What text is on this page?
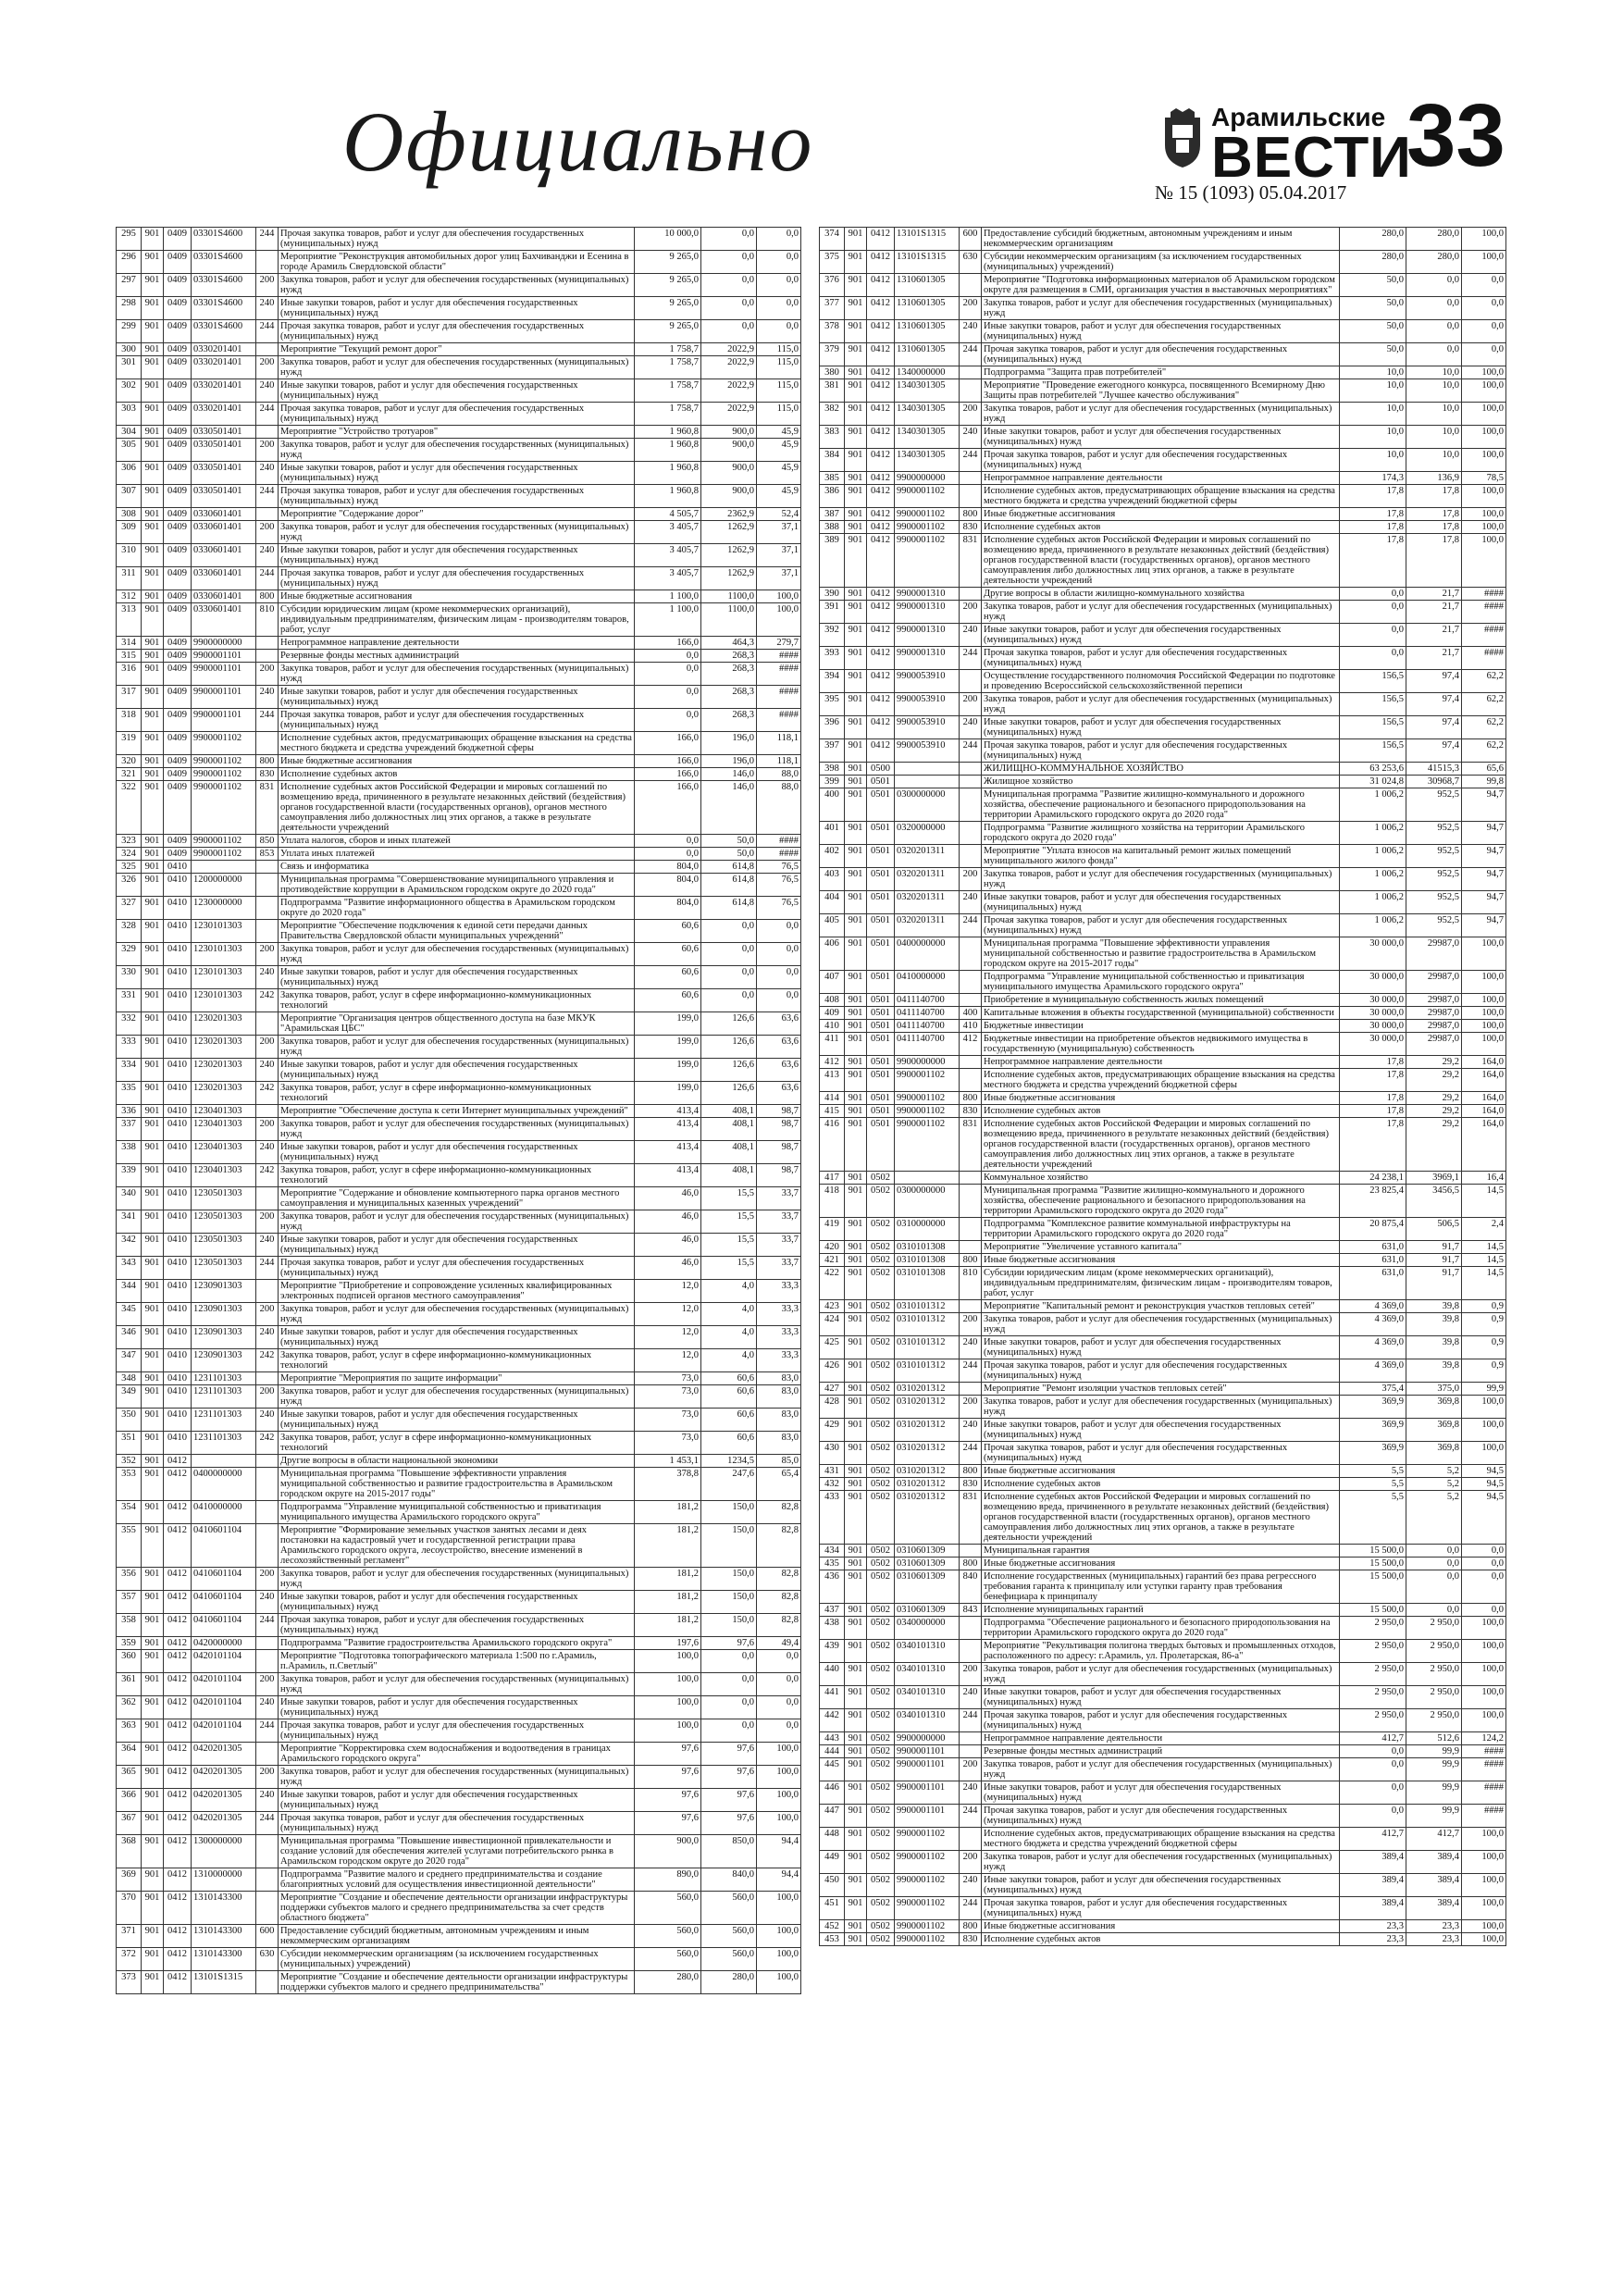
Официально	Арамильские
ВЕСТИ
33
№ 15 (1093) 05.04.2017
295	901	0409	03301S4600	244	Прочая закупка товаров, работ и услуг для обеспечения государственных (муниципальных) нужд	10 000,0	0,0	0,0
296	901	0409	03301S4600		Мероприятие "Реконструкция автомобильных дорог улиц Бахчиванджи и Есенина в городе Арамиль Свердловской области"	9 265,0	0,0	0,0
297	901	0409	03301S4600	200	Закупка товаров, работ и услуг для обеспечения государственных (муниципальных) нужд	9 265,0	0,0	0,0
298	901	0409	03301S4600	240	Иные закупки товаров, работ и услуг для обеспечения государственных (муниципальных) нужд	9 265,0	0,0	0,0
299	901	0409	03301S4600	244	Прочая закупка товаров, работ и услуг для обеспечения государственных (муниципальных) нужд	9 265,0	0,0	0,0
300	901	0409	0330201401		Мероприятие "Текущий ремонт дорог"	1 758,7	2022,9	115,0
301	901	0409	0330201401	200	Закупка товаров, работ и услуг для обеспечения государственных (муниципальных) нужд	1 758,7	2022,9	115,0
302	901	0409	0330201401	240	Иные закупки товаров, работ и услуг для обеспечения государственных (муниципальных) нужд	1 758,7	2022,9	115,0
303	901	0409	0330201401	244	Прочая закупка товаров, работ и услуг для обеспечения государственных (муниципальных) нужд	1 758,7	2022,9	115,0
304	901	0409	0330501401		Мероприятие "Устройство тротуаров"	1 960,8	900,0	45,9
305	901	0409	0330501401	200	Закупка товаров, работ и услуг для обеспечения государственных (муниципальных) нужд	1 960,8	900,0	45,9
306	901	0409	0330501401	240	Иные закупки товаров, работ и услуг для обеспечения государственных (муниципальных) нужд	1 960,8	900,0	45,9
307	901	0409	0330501401	244	Прочая закупка товаров, работ и услуг для обеспечения государственных (муниципальных) нужд	1 960,8	900,0	45,9
308	901	0409	0330601401		Мероприятие "Содержание дорог"	4 505,7	2362,9	52,4
309	901	0409	0330601401	200	Закупка товаров, работ и услуг для обеспечения государственных (муниципальных) нужд	3 405,7	1262,9	37,1
310	901	0409	0330601401	240	Иные закупки товаров, работ и услуг для обеспечения государственных (муниципальных) нужд	3 405,7	1262,9	37,1
311	901	0409	0330601401	244	Прочая закупка товаров, работ и услуг для обеспечения государственных (муниципальных) нужд	3 405,7	1262,9	37,1
312	901	0409	0330601401	800	Иные бюджетные ассигнования	1 100,0	1100,0	100,0
313	901	0409	0330601401	810	Субсидии юридическим лицам (кроме некоммерческих организаций), индивидуальным предпринимателям, физическим лицам - производителям товаров, работ, услуг	1 100,0	1100,0	100,0
314	901	0409	9900000000		Непрограммное направление деятельности	166,0	464,3	279,7
315	901	0409	9900001101		Резервные фонды местных администраций	0,0	268,3	####
316	901	0409	9900001101	200	Закупка товаров, работ и услуг для обеспечения государственных (муниципальных) нужд	0,0	268,3	####
317	901	0409	9900001101	240	Иные закупки товаров, работ и услуг для обеспечения государственных (муниципальных) нужд	0,0	268,3	####
318	901	0409	9900001101	244	Прочая закупка товаров, работ и услуг для обеспечения государственных (муниципальных) нужд	0,0	268,3	####
319	901	0409	9900001102		Исполнение судебных актов, предусматривающих обращение взыскания на средства местного бюджета и средства учреждений бюджетной сферы	166,0	196,0	118,1
320	901	0409	9900001102	800	Иные бюджетные ассигнования	166,0	196,0	118,1
321	901	0409	9900001102	830	Исполнение судебных актов	166,0	146,0	88,0
322	901	0409	9900001102	831	Исполнение судебных актов Российской Федерации и мировых соглашений по возмещению вреда, причиненного в результате незаконных действий (бездействия) органов государственной власти (государственных органов), органов местного самоуправления либо должностных лиц этих органов, а также в результате деятельности учреждений	166,0	146,0	88,0
323	901	0409	9900001102	850	Уплата налогов, сборов и иных платежей	0,0	50,0	####
324	901	0409	9900001102	853	Уплата иных платежей	0,0	50,0	####
325	901	0410			Связь и информатика	804,0	614,8	76,5
326	901	0410	1200000000		Муниципальная программа "Совершенствование муниципального управления и противодействие коррупции в Арамильском городском округе до 2020 года"	804,0	614,8	76,5
327	901	0410	1230000000		Подпрограмма "Развитие информационного общества в Арамильском городском округе до 2020 года"	804,0	614,8	76,5
328	901	0410	1230101303		Мероприятие "Обеспечение подключения к единой сети передачи данных Правительства Свердловской области муниципальных учреждений"	60,6	0,0	0,0
329	901	0410	1230101303	200	Закупка товаров, работ и услуг для обеспечения государственных (муниципальных) нужд	60,6	0,0	0,0
330	901	0410	1230101303	240	Иные закупки товаров, работ и услуг для обеспечения государственных (муниципальных) нужд	60,6	0,0	0,0
331	901	0410	1230101303	242	Закупка товаров, работ, услуг в сфере информационно-коммуникационных технологий	60,6	0,0	0,0
332	901	0410	1230201303		Мероприятие "Организация центров общественного доступа на базе МКУК "Арамильская ЦБС"	199,0	126,6	63,6
333	901	0410	1230201303	200	Закупка товаров, работ и услуг для обеспечения государственных (муниципальных) нужд	199,0	126,6	63,6
334	901	0410	1230201303	240	Иные закупки товаров, работ и услуг для обеспечения государственных (муниципальных) нужд	199,0	126,6	63,6
335	901	0410	1230201303	242	Закупка товаров, работ, услуг в сфере информационно-коммуникационных технологий	199,0	126,6	63,6
336	901	0410	1230401303		Мероприятие "Обеспечение доступа к сети Интернет муниципальных учреждений"	413,4	408,1	98,7
337	901	0410	1230401303	200	Закупка товаров, работ и услуг для обеспечения государственных (муниципальных) нужд	413,4	408,1	98,7
338	901	0410	1230401303	240	Иные закупки товаров, работ и услуг для обеспечения государственных (муниципальных) нужд	413,4	408,1	98,7
339	901	0410	1230401303	242	Закупка товаров, работ, услуг в сфере информационно-коммуникационных технологий	413,4	408,1	98,7
340	901	0410	1230501303		Мероприятие "Содержание и обновление компьютерного парка органов местного самоуправления и муниципальных казенных учреждений"	46,0	15,5	33,7
341	901	0410	1230501303	200	Закупка товаров, работ и услуг для обеспечения государственных (муниципальных) нужд	46,0	15,5	33,7
342	901	0410	1230501303	240	Иные закупки товаров, работ и услуг для обеспечения государственных (муниципальных) нужд	46,0	15,5	33,7
343	901	0410	1230501303	244	Прочая закупка товаров, работ и услуг для обеспечения государственных (муниципальных) нужд	46,0	15,5	33,7
344	901	0410	1230901303		Мероприятие "Приобретение и сопровождение усиленных квалифицированных электронных подписей органов местного самоуправления"	12,0	4,0	33,3
345	901	0410	1230901303	200	Закупка товаров, работ и услуг для обеспечения государственных (муниципальных) нужд	12,0	4,0	33,3
346	901	0410	1230901303	240	Иные закупки товаров, работ и услуг для обеспечения государственных (муниципальных) нужд	12,0	4,0	33,3
347	901	0410	1230901303	242	Закупка товаров, работ, услуг в сфере информационно-коммуникационных технологий	12,0	4,0	33,3
348	901	0410	1231101303		Мероприятие "Мероприятия по защите информации"	73,0	60,6	83,0
349	901	0410	1231101303	200	Закупка товаров, работ и услуг для обеспечения государственных (муниципальных) нужд	73,0	60,6	83,0
350	901	0410	1231101303	240	Иные закупки товаров, работ и услуг для обеспечения государственных (муниципальных) нужд	73,0	60,6	83,0
351	901	0410	1231101303	242	Закупка товаров, работ, услуг в сфере информационно-коммуникационных технологий	73,0	60,6	83,0
352	901	0412			Другие вопросы в области национальной экономики	1 453,1	1234,5	85,0
353	901	0412	0400000000		Муниципальная программа "Повышение эффективности управления муниципальной собственностью и развитие градостроительства в Арамильском городском округе на 2015-2017 годы"	378,8	247,6	65,4
354	901	0412	0410000000		Подпрограмма "Управление муниципальной собственностью и приватизация муниципального имущества Арамильского городского округа"	181,2	150,0	82,8
355	901	0412	0410601104		Мероприятие "Формирование земельных участков занятых лесами и деях постановки на кадастровый учет и государственной регистрации права Арамильского городского округа, лесоустройство, внесение изменений в лесохозяйственный регламент"	181,2	150,0	82,8
356	901	0412	0410601104	200	Закупка товаров, работ и услуг для обеспечения государственных (муниципальных) нужд	181,2	150,0	82,8
357	901	0412	0410601104	240	Иные закупки товаров, работ и услуг для обеспечения государственных (муниципальных) нужд	181,2	150,0	82,8
358	901	0412	0410601104	244	Прочая закупка товаров, работ и услуг для обеспечения государственных (муниципальных) нужд	181,2	150,0	82,8
359	901	0412	0420000000		Подпрограмма "Развитие градостроительства Арамильского городского округа"	197,6	97,6	49,4
360	901	0412	0420101104		Мероприятие "Подготовка топографического материала 1:500 по г.Арамиль, п.Арамиль, п.Светлый"	100,0	0,0	0,0
361	901	0412	0420101104	200	Закупка товаров, работ и услуг для обеспечения государственных (муниципальных) нужд	100,0	0,0	0,0
362	901	0412	0420101104	240	Иные закупки товаров, работ и услуг для обеспечения государственных (муниципальных) нужд	100,0	0,0	0,0
363	901	0412	0420101104	244	Прочая закупка товаров, работ и услуг для обеспечения государственных (муниципальных) нужд	100,0	0,0	0,0
364	901	0412	0420201305		Мероприятие "Корректировка схем водоснабжения и водоотведения в границах Арамильского городского округа"	97,6	97,6	100,0
365	901	0412	0420201305	200	Закупка товаров, работ и услуг для обеспечения государственных (муниципальных) нужд	97,6	97,6	100,0
366	901	0412	0420201305	240	Иные закупки товаров, работ и услуг для обеспечения государственных (муниципальных) нужд	97,6	97,6	100,0
367	901	0412	0420201305	244	Прочая закупка товаров, работ и услуг для обеспечения государственных (муниципальных) нужд	97,6	97,6	100,0
368	901	0412	1300000000		Муниципальная программа "Повышение инвестиционной привлекательности и создание условий для обеспечения жителей услугами потребительского рынка в Арамильском городском округе до 2020 года"	900,0	850,0	94,4
369	901	0412	1310000000		Подпрограмма "Развитие малого и среднего предпринимательства и создание благоприятных условий для осуществления инвестиционной деятельности"	890,0	840,0	94,4
370	901	0412	1310143300		Мероприятие "Создание и обеспечение деятельности организации инфраструктуры поддержки субъектов малого и среднего предпринимательства за счет средств областного бюджета"	560,0	560,0	100,0
371	901	0412	1310143300	600	Предоставление субсидий бюджетным, автономным учреждениям и иным некоммерческим организациям	560,0	560,0	100,0
372	901	0412	1310143300	630	Субсидии некоммерческим организациям (за исключением государственных (муниципальных) учреждений)	560,0	560,0	100,0
373	901	0412	13101S1315		Мероприятие "Создание и обеспечение деятельности организации инфраструктуры поддержки субъектов малого и среднего предпринимательства"	280,0	280,0	100,0
374	901	0412	13101S1315	600	Предоставление субсидий бюджетным, автономным учреждениям и иным некоммерческим организациям	280,0	280,0	100,0
375	901	0412	13101S1315	630	Субсидии некоммерческим организациям (за исключением государственных (муниципальных) учреждений)	280,0	280,0	100,0
376	901	0412	1310601305		Мероприятие "Подготовка информационных материалов об Арамильском городском округе для размещения в СМИ, организация участия в выставочных мероприятиях"	50,0	0,0	0,0
377	901	0412	1310601305	200	Закупка товаров, работ и услуг для обеспечения государственных (муниципальных) нужд	50,0	0,0	0,0
378	901	0412	1310601305	240	Иные закупки товаров, работ и услуг для обеспечения государственных (муниципальных) нужд	50,0	0,0	0,0
379	901	0412	1310601305	244	Прочая закупка товаров, работ и услуг для обеспечения государственных (муниципальных) нужд	50,0	0,0	0,0
380	901	0412	1340000000		Подпрограмма "Защита прав потребителей"	10,0	10,0	100,0
381	901	0412	1340301305		Мероприятие "Проведение ежегодного конкурса, посвященного Всемирному Дню Защиты прав потребителей "Лучшее качество обслуживания"	10,0	10,0	100,0
382	901	0412	1340301305	200	Закупка товаров, работ и услуг для обеспечения государственных (муниципальных) нужд	10,0	10,0	100,0
383	901	0412	1340301305	240	Иные закупки товаров, работ и услуг для обеспечения государственных (муниципальных) нужд	10,0	10,0	100,0
384	901	0412	1340301305	244	Прочая закупка товаров, работ и услуг для обеспечения государственных (муниципальных) нужд	10,0	10,0	100,0
385	901	0412	9900000000		Непрограммное направление деятельности	174,3	136,9	78,5
386	901	0412	9900001102		Исполнение судебных актов, предусматривающих обращение взыскания на средства местного бюджета и средства учреждений бюджетной сферы	17,8	17,8	100,0
387	901	0412	9900001102	800	Иные бюджетные ассигнования	17,8	17,8	100,0
388	901	0412	9900001102	830	Исполнение судебных актов	17,8	17,8	100,0
389	901	0412	9900001102	831	Исполнение судебных актов Российской Федерации и мировых соглашений по возмещению вреда, причиненного в результате незаконных действий (бездействия) органов государственной власти (государственных органов), органов местного самоуправления либо должностных лиц этих органов, а также в результате деятельности учреждений	17,8	17,8	100,0
390	901	0412	9900001310		Другие вопросы в области жилищно-коммунального хозяйства	0,0	21,7	####
391	901	0412	9900001310	200	Закупка товаров, работ и услуг для обеспечения государственных (муниципальных) нужд	0,0	21,7	####
392	901	0412	9900001310	240	Иные закупки товаров, работ и услуг для обеспечения государственных (муниципальных) нужд	0,0	21,7	####
393	901	0412	9900001310	244	Прочая закупка товаров, работ и услуг для обеспечения государственных (муниципальных) нужд	0,0	21,7	####
394	901	0412	9900053910		Осуществление государственного полномочия Российской Федерации по подготовке и проведению Всероссийской сельскохозяйственной переписи	156,5	97,4	62,2
395	901	0412	9900053910	200	Закупка товаров, работ и услуг для обеспечения государственных (муниципальных) нужд	156,5	97,4	62,2
396	901	0412	9900053910	240	Иные закупки товаров, работ и услуг для обеспечения государственных (муниципальных) нужд	156,5	97,4	62,2
397	901	0412	9900053910	244	Прочая закупка товаров, работ и услуг для обеспечения государственных (муниципальных) нужд	156,5	97,4	62,2
398	901	0500			ЖИЛИЩНО-КОММУНАЛЬНОЕ ХОЗЯЙСТВО	63 253,6	41515,3	65,6
399	901	0501			Жилищное хозяйство	31 024,8	30968,7	99,8
400	901	0501	0300000000		Муниципальная программа "Развитие жилищно-коммунального и дорожного хозяйства, обеспечение рационального и безопасного природопользования на территории Арамильского городского округа до 2020 года"	1 006,2	952,5	94,7
401	901	0501	0320000000		Подпрограмма "Развитие жилищного хозяйства на территории Арамильского городского округа до 2020 года"	1 006,2	952,5	94,7
402	901	0501	0320201311		Мероприятие "Уплата взносов на капитальный ремонт жилых помещений муниципального жилого фонда"	1 006,2	952,5	94,7
403	901	0501	0320201311	200	Закупка товаров, работ и услуг для обеспечения государственных (муниципальных) нужд	1 006,2	952,5	94,7
404	901	0501	0320201311	240	Иные закупки товаров, работ и услуг для обеспечения государственных (муниципальных) нужд	1 006,2	952,5	94,7
405	901	0501	0320201311	244	Прочая закупка товаров, работ и услуг для обеспечения государственных (муниципальных) нужд	1 006,2	952,5	94,7
406	901	0501	0400000000		Муниципальная программа "Повышение эффективности управления муниципальной собственностью и развитие градостроительства в Арамильском городском округе на 2015-2017 годы"	30 000,0	29987,0	100,0
407	901	0501	0410000000		Подпрограмма "Управление муниципальной собственностью и приватизация муниципального имущества Арамильского городского округа"	30 000,0	29987,0	100,0
408	901	0501	0411140700		Приобретение в муниципальную собственность жилых помещений	30 000,0	29987,0	100,0
409	901	0501	0411140700	400	Капитальные вложения в объекты государственной (муниципальной) собственности	30 000,0	29987,0	100,0
410	901	0501	0411140700	410	Бюджетные инвестиции	30 000,0	29987,0	100,0
411	901	0501	0411140700	412	Бюджетные инвестиции на приобретение объектов недвижимого имущества в государственную (муниципальную) собственность	30 000,0	29987,0	100,0
412	901	0501	9900000000		Непрограммное направление деятельности	17,8	29,2	164,0
413	901	0501	9900001102		Исполнение судебных актов, предусматривающих обращение взыскания на средства местного бюджета и средства учреждений бюджетной сферы	17,8	29,2	164,0
414	901	0501	9900001102	800	Иные бюджетные ассигнования	17,8	29,2	164,0
415	901	0501	9900001102	830	Исполнение судебных актов	17,8	29,2	164,0
416	901	0501	9900001102	831	Исполнение судебных актов Российской Федерации и мировых соглашений по возмещению вреда, причиненного в результате незаконных действий (бездействия) органов государственной власти (государственных органов), органов местного самоуправления либо должностных лиц этих органов, а также в результате деятельности учреждений	17,8	29,2	164,0
417	901	0502			Коммунальное хозяйство	24 238,1	3969,1	16,4
418	901	0502	0300000000		Муниципальная программа "Развитие жилищно-коммунального и дорожного хозяйства, обеспечение рационального и безопасного природопользования на территории Арамильского городского округа до 2020 года"	23 825,4	3456,5	14,5
419	901	0502	0310000000		Подпрограмма "Комплексное развитие коммунальной инфраструктуры на территории Арамильского городского округа до 2020 года"	20 875,4	506,5	2,4
420	901	0502	0310101308		Мероприятие "Увеличение уставного капитала"	631,0	91,7	14,5
421	901	0502	0310101308	800	Иные бюджетные ассигнования	631,0	91,7	14,5
422	901	0502	0310101308	810	Субсидии юридическим лицам (кроме некоммерческих организаций), индивидуальным предпринимателям, физическим лицам - производителям товаров, работ, услуг	631,0	91,7	14,5
423	901	0502	0310101312		Мероприятие "Капитальный ремонт и реконструкция участков тепловых сетей"	4 369,0	39,8	0,9
424	901	0502	0310101312	200	Закупка товаров, работ и услуг для обеспечения государственных (муниципальных) нужд	4 369,0	39,8	0,9
425	901	0502	0310101312	240	Иные закупки товаров, работ и услуг для обеспечения государственных (муниципальных) нужд	4 369,0	39,8	0,9
426	901	0502	0310101312	244	Прочая закупка товаров, работ и услуг для обеспечения государственных (муниципальных) нужд	4 369,0	39,8	0,9
427	901	0502	0310201312		Мероприятие "Ремонт изоляции участков тепловых сетей"	375,4	375,0	99,9
428	901	0502	0310201312	200	Закупка товаров, работ и услуг для обеспечения государственных (муниципальных) нужд	369,9	369,8	100,0
429	901	0502	0310201312	240	Иные закупки товаров, работ и услуг для обеспечения государственных (муниципальных) нужд	369,9	369,8	100,0
430	901	0502	0310201312	244	Прочая закупка товаров, работ и услуг для обеспечения государственных (муниципальных) нужд	369,9	369,8	100,0
431	901	0502	0310201312	800	Иные бюджетные ассигнования	5,5	5,2	94,5
432	901	0502	0310201312	830	Исполнение судебных актов	5,5	5,2	94,5
433	901	0502	0310201312	831	Исполнение судебных актов Российской Федерации и мировых соглашений по возмещению вреда, причиненного в результате незаконных действий (бездействия) органов государственной власти (государственных органов), органов местного самоуправления либо должностных лиц этих органов, а также в результате деятельности учреждений	5,5	5,2	94,5
434	901	0502	0310601309		Муниципальная гарантия	15 500,0	0,0	0,0
435	901	0502	0310601309	800	Иные бюджетные ассигнования	15 500,0	0,0	0,0
436	901	0502	0310601309	840	Исполнение государственных (муниципальных) гарантий без права регрессного требования гаранта к принципалу или уступки гаранту прав требования бенефициара к принципалу	15 500,0	0,0	0,0
437	901	0502	0310601309	843	Исполнение муниципальных гарантий	15 500,0	0,0	0,0
438	901	0502	0340000000		Подпрограмма "Обеспечение рационального и безопасного природопользования на территории Арамильского городского округа до 2020 года"	2 950,0	2 950,0	100,0
439	901	0502	0340101310		Мероприятие "Рекультивация полигона твердых бытовых и промышленных отходов, расположенного по адресу: г.Арамиль, ул. Пролетарская, 86-а"	2 950,0	2 950,0	100,0
440	901	0502	0340101310	200	Закупка товаров, работ и услуг для обеспечения государственных (муниципальных) нужд	2 950,0	2 950,0	100,0
441	901	0502	0340101310	240	Иные закупки товаров, работ и услуг для обеспечения государственных (муниципальных) нужд	2 950,0	2 950,0	100,0
442	901	0502	0340101310	244	Прочая закупка товаров, работ и услуг для обеспечения государственных (муниципальных) нужд	2 950,0	2 950,0	100,0
443	901	0502	9900000000		Непрограммное направление деятельности	412,7	512,6	124,2
444	901	0502	9900001101		Резервные фонды местных администраций	0,0	99,9	####
445	901	0502	9900001101	200	Закупка товаров, работ и услуг для обеспечения государственных (муниципальных) нужд	0,0	99,9	####
446	901	0502	9900001101	240	Иные закупки товаров, работ и услуг для обеспечения государственных (муниципальных) нужд	0,0	99,9	####
447	901	0502	9900001101	244	Прочая закупка товаров, работ и услуг для обеспечения государственных (муниципальных) нужд	0,0	99,9	####
448	901	0502	9900001102		Исполнение судебных актов, предусматривающих обращение взыскания на средства местного бюджета и средства учреждений бюджетной сферы	412,7	412,7	100,0
449	901	0502	9900001102	200	Закупка товаров, работ и услуг для обеспечения государственных (муниципальных) нужд	389,4	389,4	100,0
450	901	0502	9900001102	240	Иные закупки товаров, работ и услуг для обеспечения государственных (муниципальных) нужд	389,4	389,4	100,0
451	901	0502	9900001102	244	Прочая закупка товаров, работ и услуг для обеспечения государственных (муниципальных) нужд	389,4	389,4	100,0
452	901	0502	9900001102	800	Иные бюджетные ассигнования	23,3	23,3	100,0
453	901	0502	9900001102	830	Исполнение судебных актов	23,3	23,3	100,0
